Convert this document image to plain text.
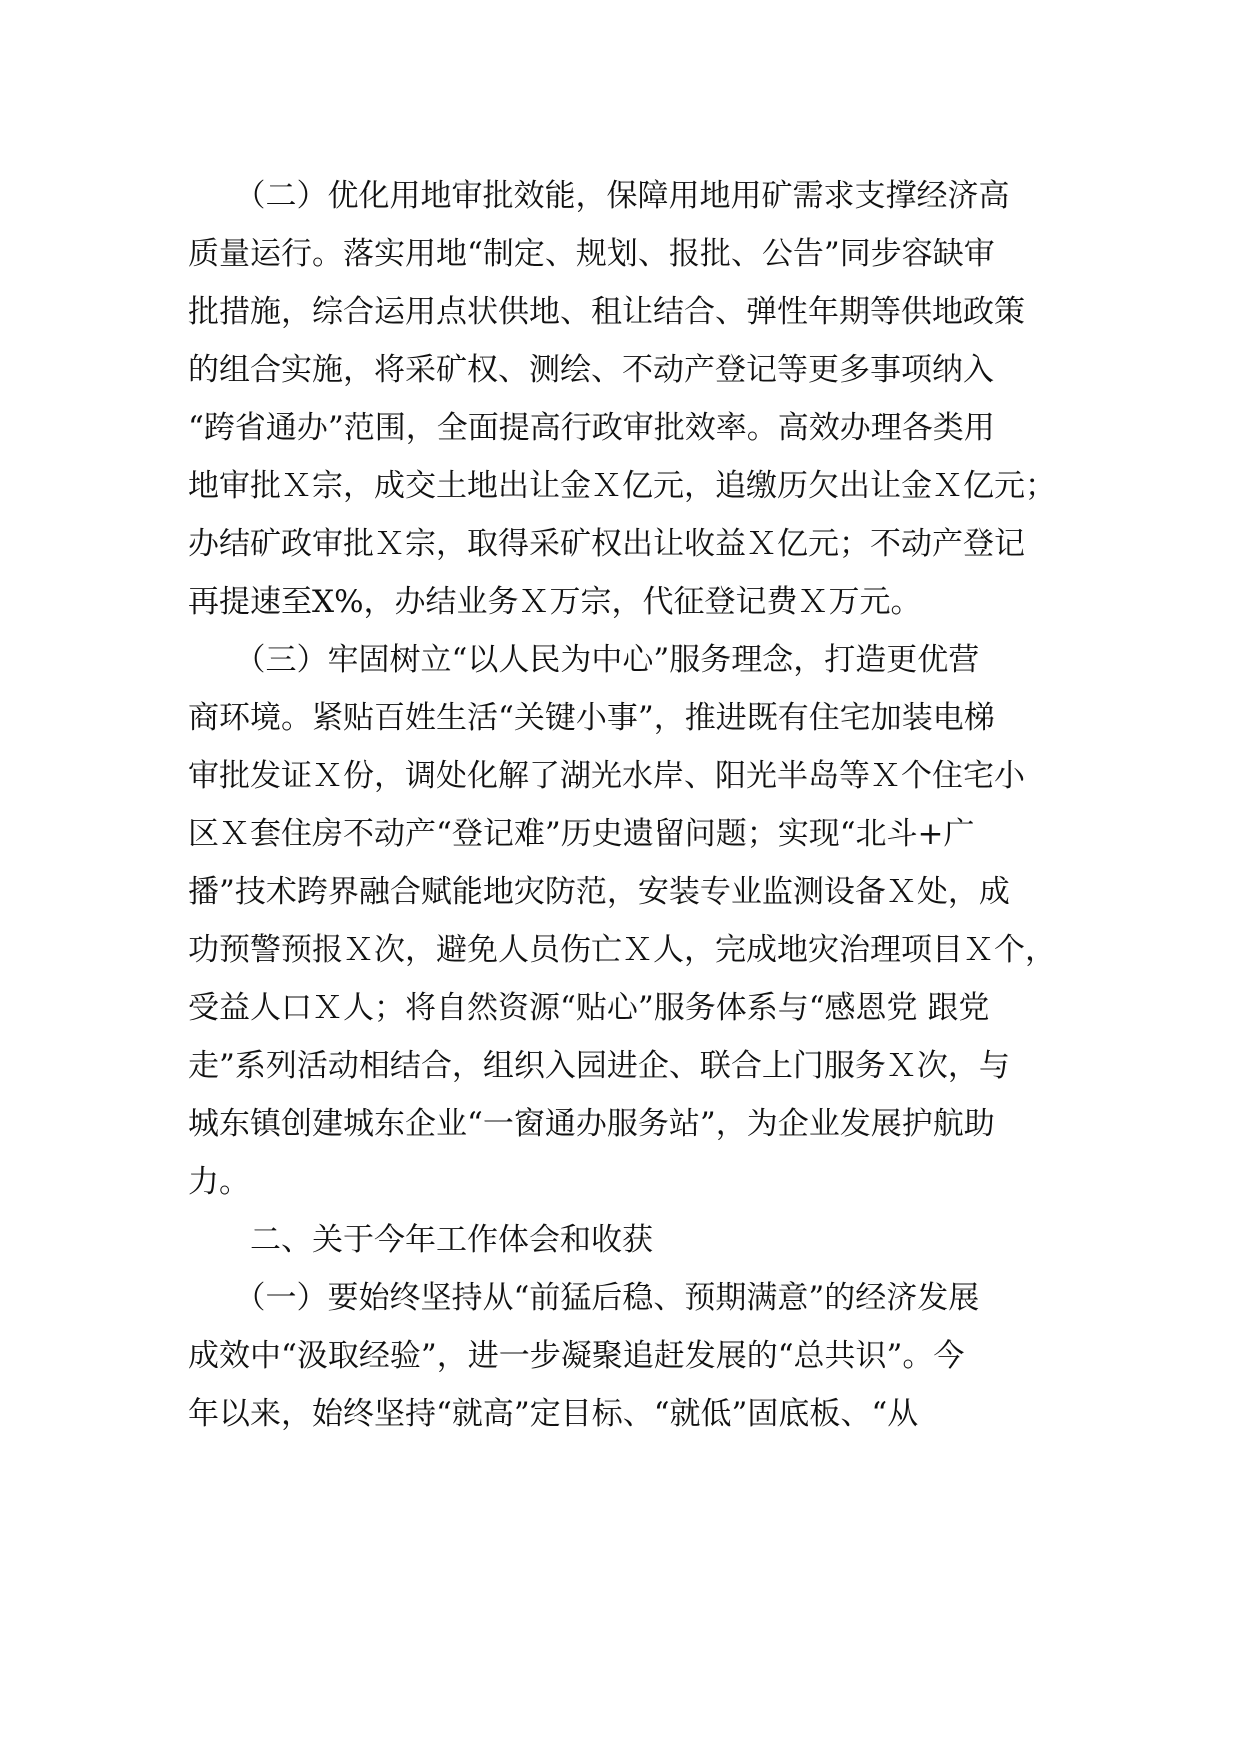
　　（二）优化用地审批效能，保障用地用矿需求支撑经济高
质量运行。落实用地“制定、规划、报批、公告”同步容缺审
批措施，综合运用点状供地、租让结合、弹性年期等供地政策
的组合实施，将采矿权、测绘、不动产登记等更多事项纳入
“跨省通办”范围，全面提高行政审批效率。高效办理各类用
地审批Ｘ宗，成交土地出让金Ｘ亿元，追缴历欠出让金Ｘ亿元；
办结矿政审批Ｘ宗，取得采矿权出让收益Ｘ亿元；不动产登记
再提速至X%，办结业务Ｘ万宗，代征登记费Ｘ万元。
　　（三）牢固树立“以人民为中心”服务理念，打造更优营
商环境。紧贴百姓生活“关键小事”，推进既有住宅加装电梯
审批发证Ｘ份，调处化解了湖光水岸、阳光半岛等Ｘ个住宅小
区Ｘ套住房不动产“登记难”历史遗留问题；实现“北斗+广
播”技术跨界融合赋能地灾防范，安装专业监测设备Ｘ处，成
功预警预报Ｘ次，避免人员伤亡Ｘ人，完成地灾治理项目Ｘ个，
受益人口Ｘ人；将自然资源“贴心”服务体系与“感恩党 跟党
走”系列活动相结合，组织入园进企、联合上门服务Ｘ次，与
城东镇创建城东企业“一窗通办服务站”，为企业发展护航助
力。
　　二、关于今年工作体会和收获
　　（一）要始终坚持从“前猛后稳、预期满意”的经济发展
成效中“汲取经验”，进一步凝聚追赶发展的“总共识”。今
年以来，始终坚持“就高”定目标、“就低”固底板、“从
